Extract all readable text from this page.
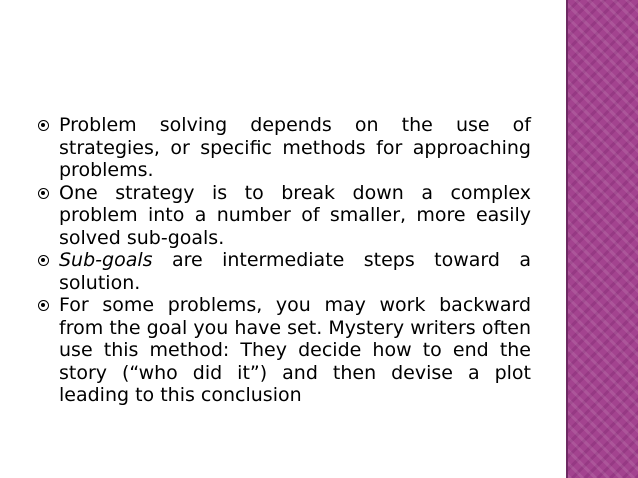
Problem solving depends on the use of strategies, or specific methods for approaching problems.
One strategy is to break down a complex problem into a number of smaller, more easily solved sub-goals.
Sub-goals are intermediate steps toward a solution.
For some problems, you may work backward from the goal you have set. Mystery writers often use this method: They decide how to end the story (“who did it”) and then devise a plot leading to this conclusion
